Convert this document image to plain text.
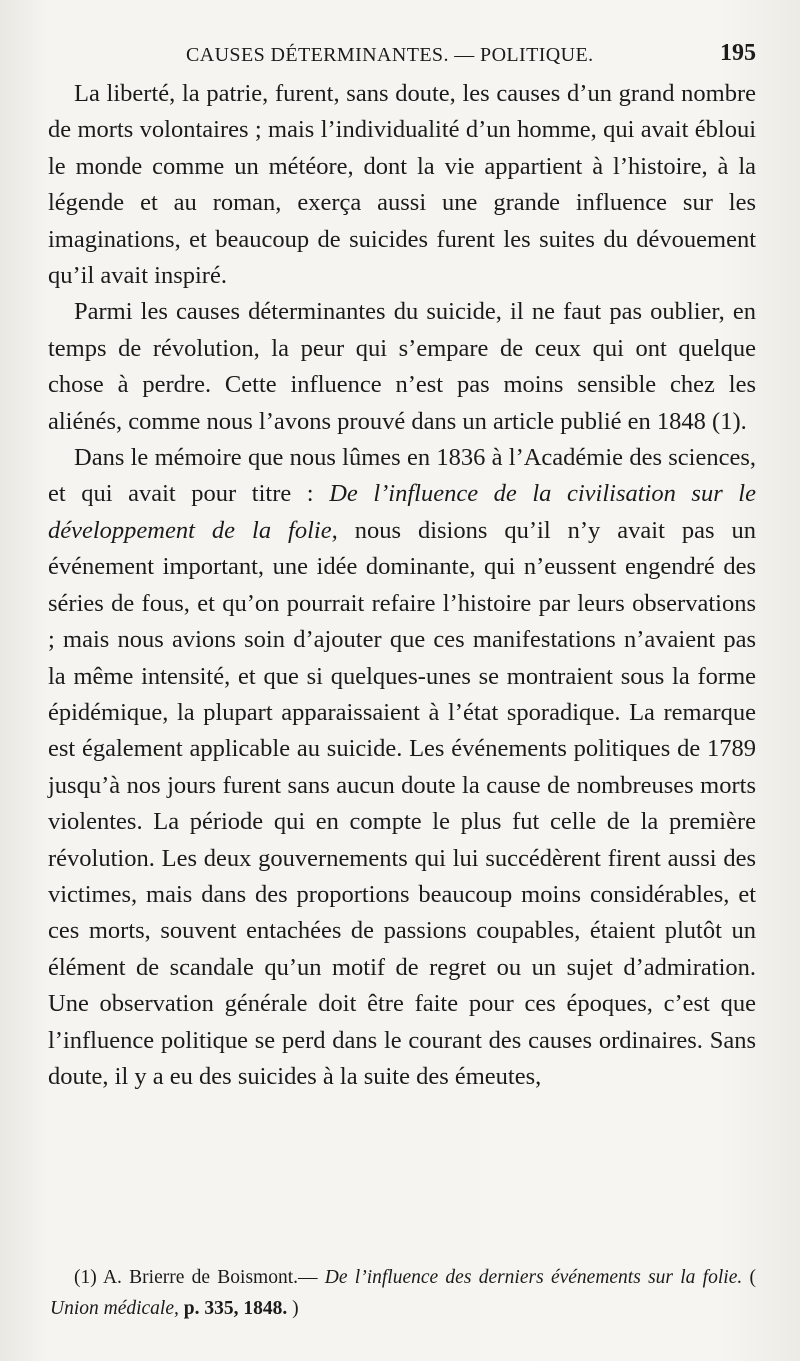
CAUSES DÉTERMINANTES. — POLITIQUE.	195

La liberté, la patrie, furent, sans doute, les causes d’un grand nombre de morts volontaires ; mais l’individualité d’un homme, qui avait ébloui le monde comme un météore, dont la vie appartient à l’histoire, à la légende et au roman, exerça aussi une grande influence sur les imaginations, et beaucoup de suicides furent les suites du dévouement qu’il avait inspiré.

Parmi les causes déterminantes du suicide, il ne faut pas oublier, en temps de révolution, la peur qui s’empare de ceux qui ont quelque chose à perdre. Cette influence n’est pas moins sensible chez les aliénés, comme nous l’avons prouvé dans un article publié en 1848 (1).

Dans le mémoire que nous lûmes en 1836 à l’Académie des sciences, et qui avait pour titre : De l’influence de la civilisation sur le développement de la folie, nous disions qu’il n’y avait pas un événement important, une idée dominante, qui n’eussent engendré des séries de fous, et qu’on pourrait refaire l’histoire par leurs observations ; mais nous avions soin d’ajouter que ces manifestations n’avaient pas la même intensité, et que si quelques-unes se montraient sous la forme épidémique, la plupart apparaissaient à l’état sporadique. La remarque est également applicable au suicide. Les événements politiques de 1789 jusqu’à nos jours furent sans aucun doute la cause de nombreuses morts violentes. La période qui en compte le plus fut celle de la première révolution. Les deux gouvernements qui lui succédèrent firent aussi des victimes, mais dans des proportions beaucoup moins considérables, et ces morts, souvent entachées de passions coupables, étaient plutôt un élément de scandale qu’un motif de regret ou un sujet d’admiration. Une observation générale doit être faite pour ces époques, c’est que l’influence politique se perd dans le courant des causes ordinaires. Sans doute, il y a eu des suicides à la suite des émeutes,

(1) A. Brierre de Boismont.— De l’influence des derniers événements sur la folie. ( Union médicale, p. 335, 1848. )
